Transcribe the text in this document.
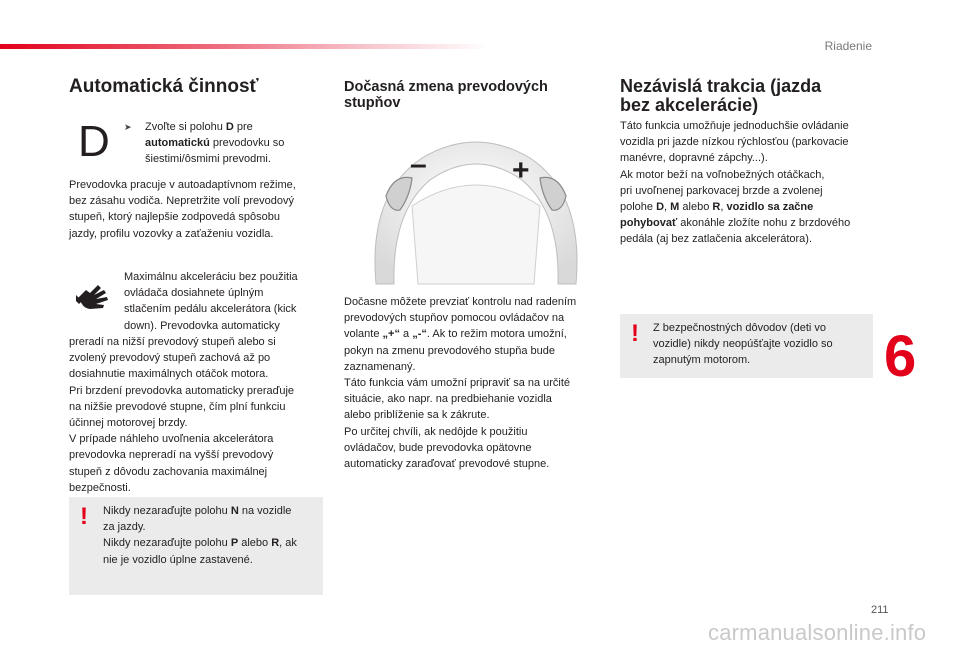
Riadenie
6
Automatická činnosť
D ➤ Zvoľte si polohu D pre
automatickú prevodovku so
šiestimi/ôsmimi prevodmi.
Prevodovka pracuje v autoadaptívnom režime,
bez zásahu vodiča. Nepretržite volí prevodový
stupeň, ktorý najlepšie zodpovedá spôsobu
jazdy, profilu vozovky a zaťaženiu vozidla.
Maximálnu akceleráciu bez použitia
ovládača dosiahnete úplným
stlačením pedálu akcelerátora (kick
down). Prevodovka automaticky
preradí na nižší prevodový stupeň alebo si
zvolený prevodový stupeň zachová až po
dosiahnutie maximálnych otáčok motora.
Pri brzdení prevodovka automaticky preraďuje
na nižšie prevodové stupne, čím plní funkciu
účinnej motorovej brzdy.
V prípade náhleho uvoľnenia akcelerátora
prevodovka nepreradí na vyšší prevodový
stupeň z dôvodu zachovania maximálnej
bezpečnosti.
! Nikdy nezaraďujte polohu N na vozidle
za jazdy.
Nikdy nezaraďujte polohu P alebo R, ak
nie je vozidlo úplne zastavené.
Dočasná zmena prevodových
stupňov
–	+
Dočasne môžete prevziať kontrolu nad radením
prevodových stupňov pomocou ovládačov na
volante „+“ a „-“. Ak to režim motora umožní,
pokyn na zmenu prevodového stupňa bude
zaznamenaný.
Táto funkcia vám umožní pripraviť sa na určité
situácie, ako napr. na predbiehanie vozidla
alebo priblíženie sa k zákrute.
Po určitej chvíli, ak nedôjde k použitiu
ovládačov, bude prevodovka opätovne
automaticky zaraďovať prevodové stupne.
Nezávislá trakcia (jazda
bez akcelerácie)
Táto funkcia umožňuje jednoduchšie ovládanie
vozidla pri jazde nízkou rýchlosťou (parkovacie
manévre, dopravné zápchy...).
Ak motor beží na voľnobežných otáčkach,
pri uvoľnenej parkovacej brzde a zvolenej
polohe D, M alebo R, vozidlo sa začne
pohybovať akonáhle zložíte nohu z brzdového
pedála (aj bez zatlačenia akcelerátora).
! Z bezpečnostných dôvodov (deti vo
vozidle) nikdy neopúšťajte vozidlo so
zapnutým motorom.
211
carmanualsonline.info
